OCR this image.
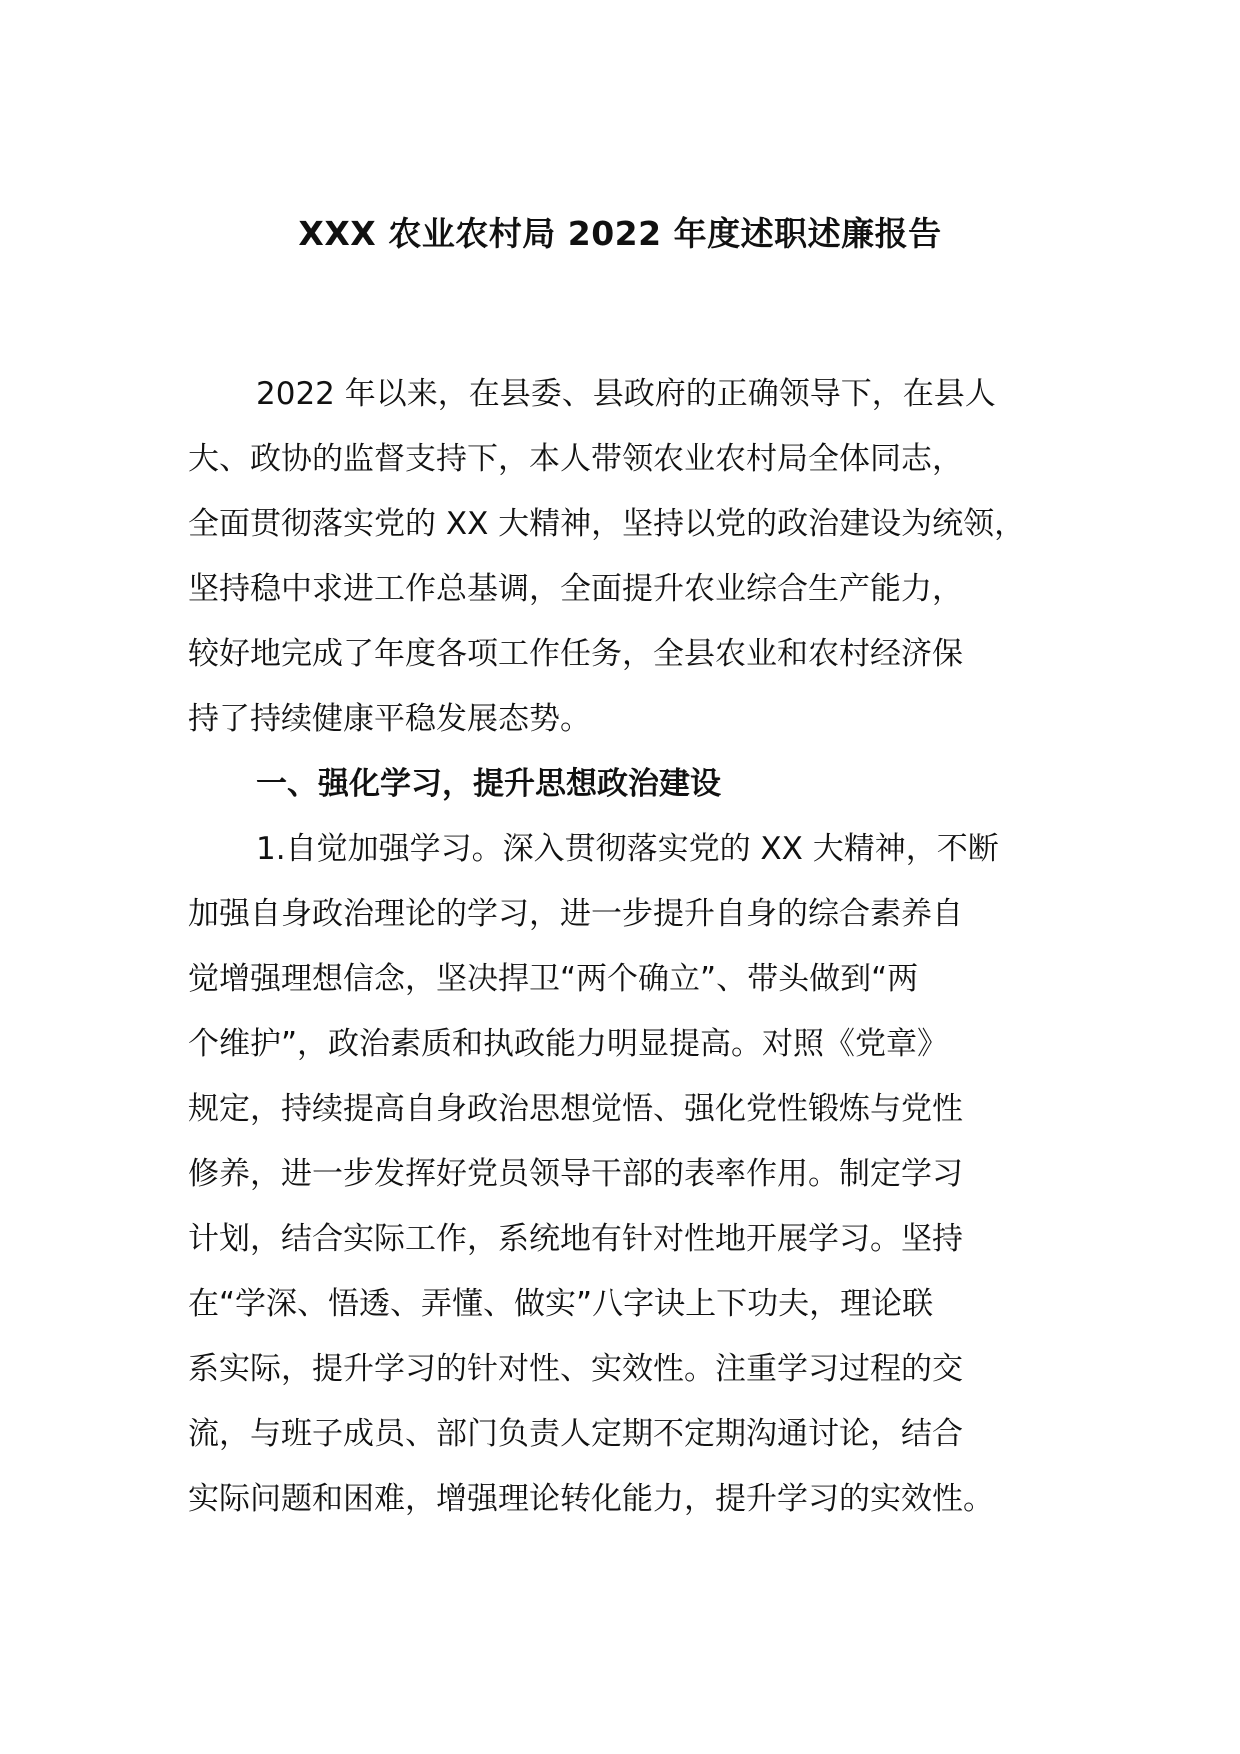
XXX 农业农村局 2022 年度述职述廉报告
2022 年以来，在县委、县政府的正确领导下，在县人
大、政协的监督支持下，本人带领农业农村局全体同志，
全面贯彻落实党的 XX 大精神，坚持以党的政治建设为统领，
坚持稳中求进工作总基调，全面提升农业综合生产能力，
较好地完成了年度各项工作任务，全县农业和农村经济保
持了持续健康平稳发展态势。
一、强化学习，提升思想政治建设
1.自觉加强学习。深入贯彻落实党的 XX 大精神，不断
加强自身政治理论的学习，进一步提升自身的综合素养自
觉增强理想信念，坚决捍卫“两个确立”、带头做到“两
个维护”，政治素质和执政能力明显提高。对照《党章》
规定，持续提高自身政治思想觉悟、强化党性锻炼与党性
修养，进一步发挥好党员领导干部的表率作用。制定学习
计划，结合实际工作，系统地有针对性地开展学习。坚持
在“学深、悟透、弄懂、做实”八字诀上下功夫，理论联
系实际，提升学习的针对性、实效性。注重学习过程的交
流，与班子成员、部门负责人定期不定期沟通讨论，结合
实际问题和困难，增强理论转化能力，提升学习的实效性。
